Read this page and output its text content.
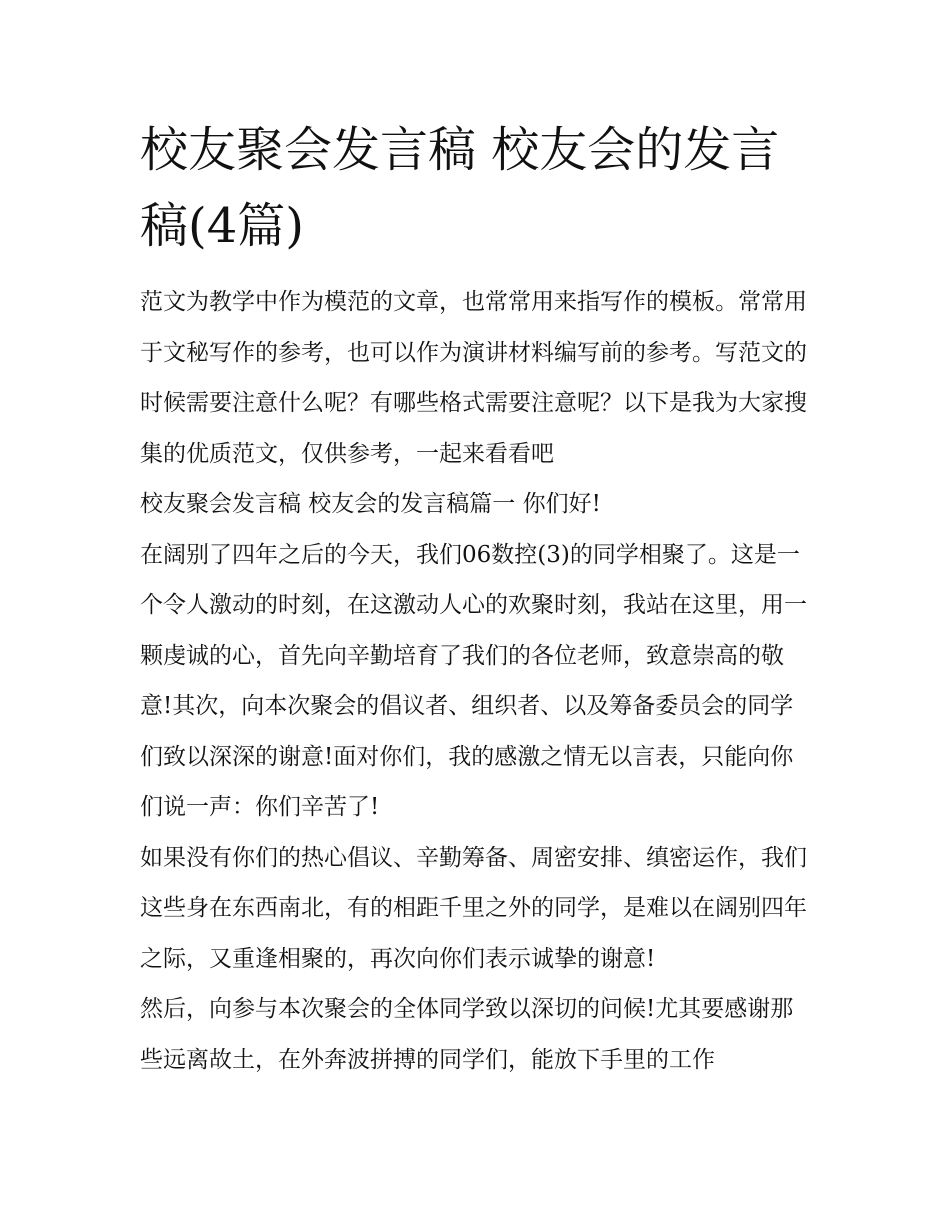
校友聚会发言稿 校友会的发言稿(4篇)

范文为教学中作为模范的文章，也常常用来指写作的模板。常常用于文秘写作的参考，也可以作为演讲材料编写前的参考。写范文的时候需要注意什么呢？有哪些格式需要注意呢？以下是我为大家搜集的优质范文，仅供参考，一起来看看吧

校友聚会发言稿 校友会的发言稿篇一 你们好!

在阔别了四年之后的今天，我们06数控(3)的同学相聚了。这是一个令人激动的时刻，在这激动人心的欢聚时刻，我站在这里，用一颗虔诚的心，首先向辛勤培育了我们的各位老师，致意崇高的敬意!其次，向本次聚会的倡议者、组织者、以及筹备委员会的同学们致以深深的谢意!面对你们，我的感激之情无以言表，只能向你们说一声：你们辛苦了!

如果没有你们的热心倡议、辛勤筹备、周密安排、缜密运作，我们这些身在东西南北，有的相距千里之外的同学，是难以在阔别四年之际，又重逢相聚的，再次向你们表示诚挚的谢意!

然后，向参与本次聚会的全体同学致以深切的问候!尤其要感谢那些远离故土，在外奔波拼搏的同学们，能放下手里的工作
